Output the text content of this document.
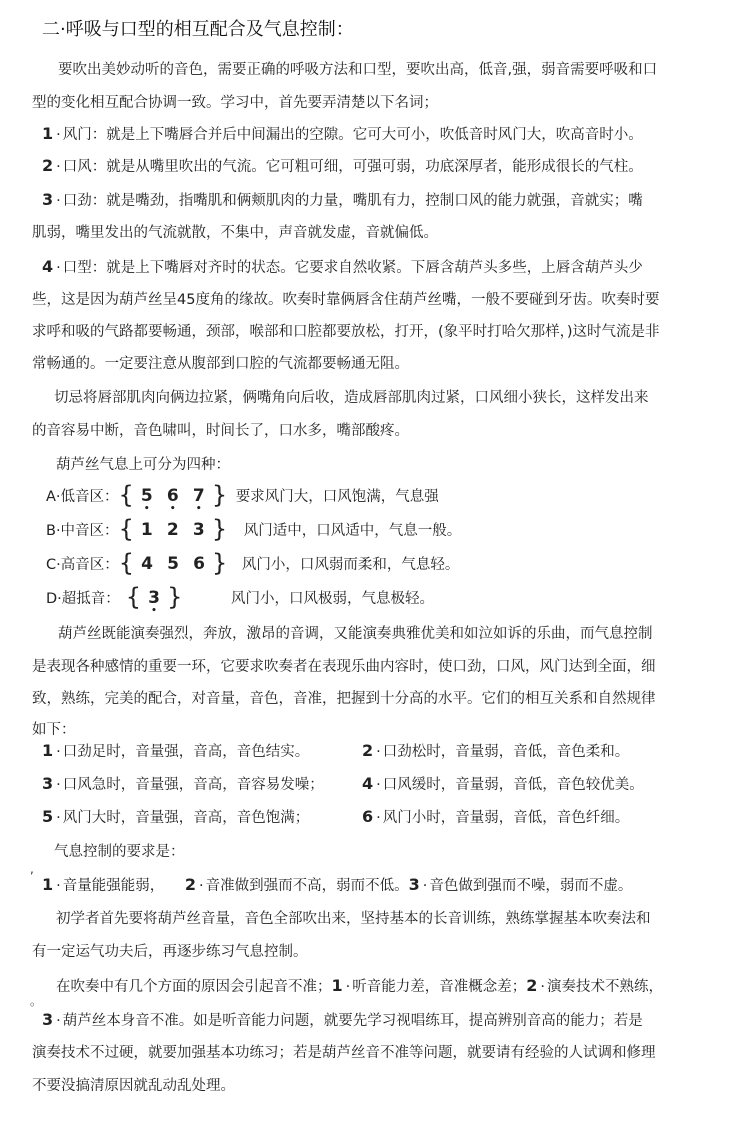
二·呼吸与口型的相互配合及气息控制：
要吹出美妙动听的音色，需要正确的呼吸方法和口型，要吹出高，低音,强，弱音需要呼吸和口
型的变化相互配合协调一致。学习中，首先要弄清楚以下名词；
1 · 风门：就是上下嘴唇合并后中间漏出的空隙。它可大可小，吹低音时风门大，吹高音时小。
2 · 口风：就是从嘴里吹出的气流。它可粗可细，可强可弱，功底深厚者，能形成很长的气柱。
3 · 口劲：就是嘴劲，指嘴肌和俩颊肌肉的力量，嘴肌有力，控制口风的能力就强，音就实；嘴
肌弱，嘴里发出的气流就散，不集中，声音就发虚，音就偏低。
4 · 口型：就是上下嘴唇对齐时的状态。它要求自然收紧。下唇含葫芦头多些，上唇含葫芦头少
些，这是因为葫芦丝呈45度角的缘故。吹奏时靠俩唇含住葫芦丝嘴，一般不要碰到牙齿。吹奏时要
求呼和吸的气路都要畅通，颈部，喉部和口腔都要放松，打开，(象平时打哈欠那样，)这时气流是非
常畅通的。一定要注意从腹部到口腔的气流都要畅通无阻。
切忌将唇部肌肉向俩边拉紧，俩嘴角向后收，造成唇部肌肉过紧，口风细小狭长，这样发出来
的音容易中断，音色啸叫，时间长了，口水多，嘴部酸疼。
葫芦丝气息上可分为四种：
A·低音区：{ 5
•
6
•
7
• } 要求风门大，口风饱满，气息强
B·中音区：{ 1 2 3 } 风门适中，口风适中，气息一般。
C·高音区：{ 4 5 6 } 风门小，口风弱而柔和，气息轻。
D·超抵音： { 3
• }	风门小，口风极弱，气息极轻。
葫芦丝既能演奏强烈，奔放，激昂的音调，又能演奏典雅优美和如泣如诉的乐曲，而气息控制
是表现各种感情的重要一环，它要求吹奏者在表现乐曲内容时，使口劲，口风，风门达到全面，细
致，熟练，完美的配合，对音量，音色，音准，把握到十分高的水平。它们的相互关系和自然规律
如下：
1 · 口劲足时，音量强，音高，音色结实。	2 · 口劲松时，音量弱，音低，音色柔和。
3 · 口风急时，音量强，音高，音容易发噪； 4 · 口风缓时，音量弱，音低，音色较优美。
5 · 风门大时，音量强，音高，音色饱满；	6 · 风门小时，音量弱，音低，音色纤细。
气息控制的要求是：
,
1 · 音量能强能弱， 2 · 音准做到强而不高，弱而不低。3 · 音色做到强而不噪，弱而不虚。
初学者首先要将葫芦丝音量，音色全部吹出来，坚持基本的长音训练，熟练掌握基本吹奏法和
有一定运气功夫后，再逐步练习气息控制。
在吹奏中有几个方面的原因会引起音不准；1 · 听音能力差，音准概念差；2 · 演奏技术不熟练，
。
3 · 葫芦丝本身音不准。如是听音能力问题，就要先学习视唱练耳，提高辨别音高的能力；若是
演奏技术不过硬，就要加强基本功练习；若是葫芦丝音不准等问题，就要请有经验的人试调和修理
不要没搞清原因就乱动乱处理。
